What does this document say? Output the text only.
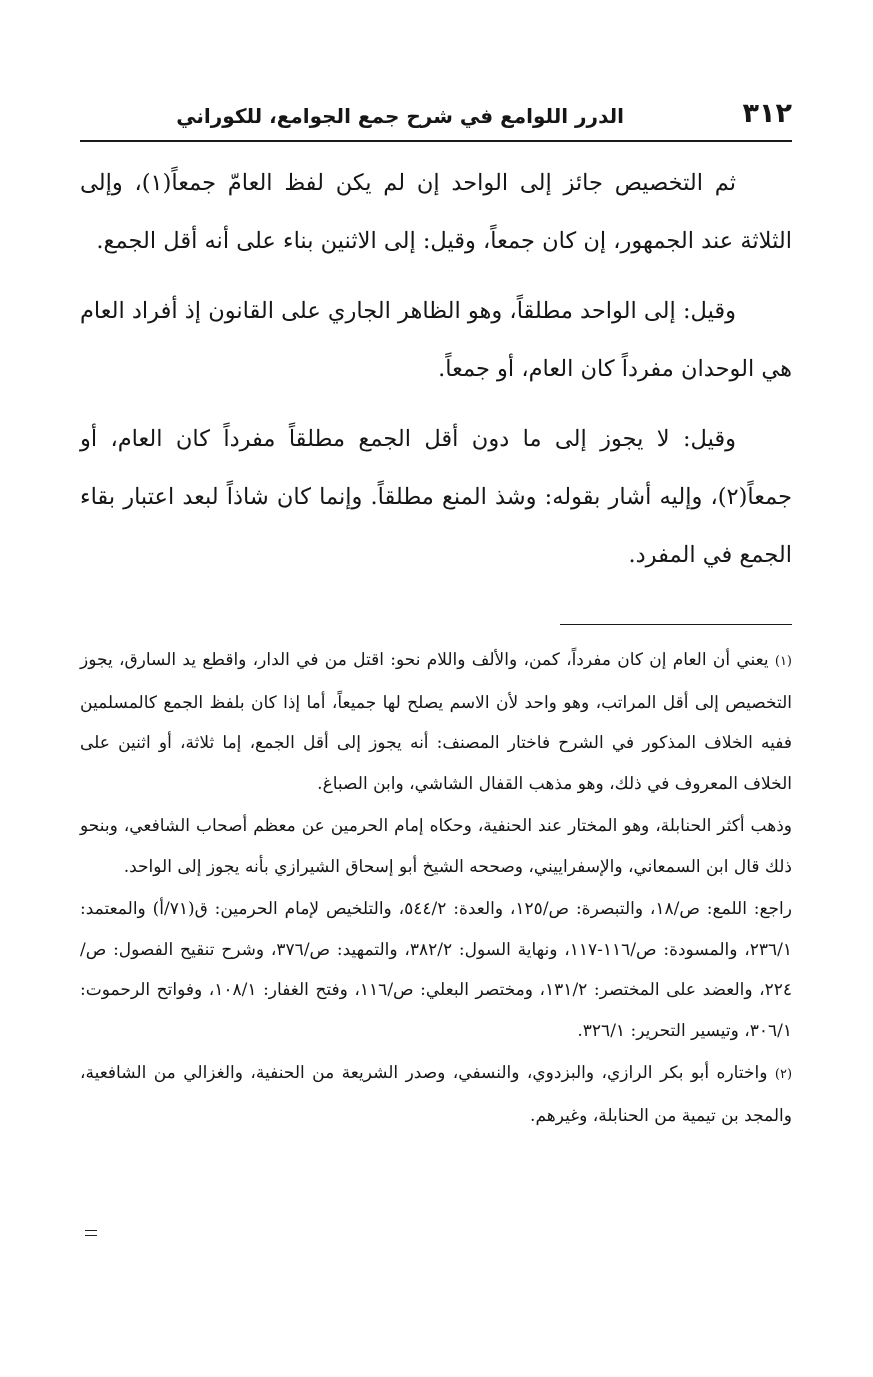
٣١٢
الدرر اللوامع في شرح جمع الجوامع، للكوراني

ثم التخصيص جائز إلى الواحد إن لم يكن لفظ العامّ جمعاً(١)، وإلى الثلاثة عند الجمهور، إن كان جمعاً، وقيل: إلى الاثنين بناء على أنه أقل الجمع.

وقيل: إلى الواحد مطلقاً، وهو الظاهر الجاري على القانون إذ أفراد العام هي الوحدان مفرداً كان العام، أو جمعاً.

وقيل: لا يجوز إلى ما دون أقل الجمع مطلقاً مفرداً كان العام، أو جمعاً(٢)، وإليه أشار بقوله: وشذ المنع مطلقاً. وإنما كان شاذاً لبعد اعتبار بقاء الجمع في المفرد.

(١) يعني أن العام إن كان مفرداً، كمن، والألف واللام نحو: اقتل من في الدار، واقطع يد السارق، يجوز التخصيص إلى أقل المراتب، وهو واحد لأن الاسم يصلح لها جميعاً، أما إذا كان بلفظ الجمع كالمسلمين ففيه الخلاف المذكور في الشرح فاختار المصنف: أنه يجوز إلى أقل الجمع، إما ثلاثة، أو اثنين على الخلاف المعروف في ذلك، وهو مذهب القفال الشاشي، وابن الصباغ.

وذهب أكثر الحنابلة، وهو المختار عند الحنفية، وحكاه إمام الحرمين عن معظم أصحاب الشافعي، وبنحو ذلك قال ابن السمعاني، والإسفراييني، وصححه الشيخ أبو إسحاق الشيرازي بأنه يجوز إلى الواحد.

راجع: اللمع: ص/١٨، والتبصرة: ص/١٢٥، والعدة: ٥٤٤/٢، والتلخيص لإمام الحرمين: ق(٧١/أ) والمعتمد: ٢٣٦/١، والمسودة: ص/١١٦-١١٧، ونهاية السول: ٣٨٢/٢، والتمهيد: ص/٣٧٦، وشرح تنقيح الفصول: ص/٢٢٤، والعضد على المختصر: ١٣١/٢، ومختصر البعلي: ص/١١٦، وفتح الغفار: ١٠٨/١، وفواتح الرحموت: ٣٠٦/١، وتيسير التحرير: ٣٢٦/١.

(٢) واختاره أبو بكر الرازي، والبزدوي، والنسفي، وصدر الشريعة من الحنفية، والغزالي من الشافعية، والمجد بن تيمية من الحنابلة، وغيرهم.
